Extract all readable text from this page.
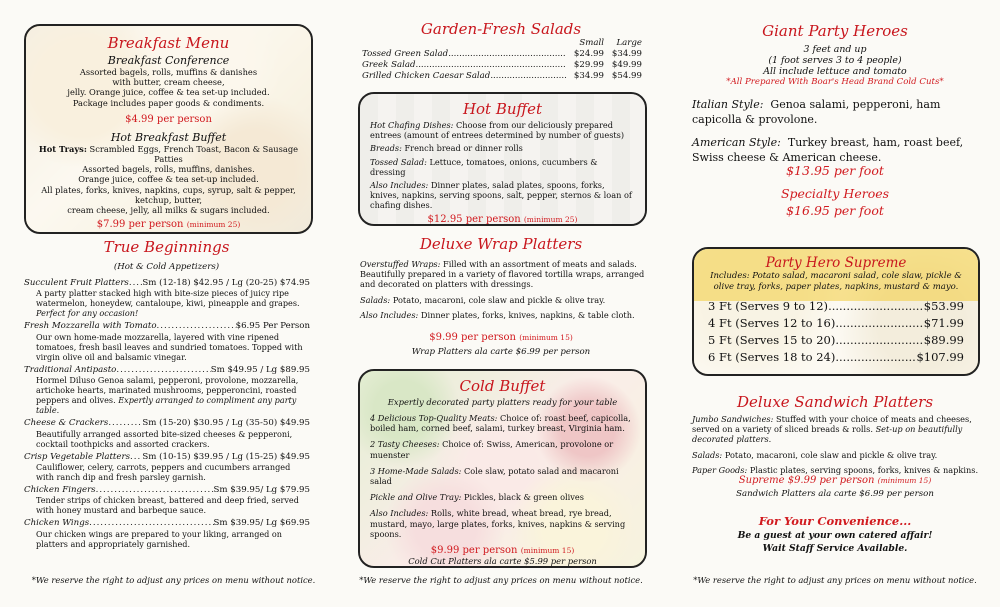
Breakfast Menu
Breakfast Conference
Assorted bagels, rolls, muffins & danishes
with butter, cream cheese,
jelly. Orange juice, coffee & tea set-up included.
Package includes paper goods & condiments.
$4.99 per person
Hot Breakfast Buffet
Hot Trays: Scrambled Eggs, French Toast, Bacon & Sausage Patties
Assorted bagels, rolls, muffins, danishes.
Orange juice, coffee & tea set-up included.
All plates, forks, knives, napkins, cups, syrup, salt & pepper, ketchup, butter,
cream cheese, jelly, all milks & sugars included.
$7.99 per person (minimum 25)
True Beginnings
(Hot & Cold Appetizers)
Succulent Fruit Platters ..... Sm (12-18) $42.95 / Lg (20-25) $74.95
A party platter stacked high with bite-size pieces of juicy ripe watermelon, honeydew, cantaloupe, kiwi, pineapple and grapes. Perfect for any occasion!
Fresh Mozzarella with Tomato .....	$6.95 Per Person
Our own home-made mozzarella, layered with vine ripened tomatoes, fresh basil leaves and sundried tomatoes. Topped with virgin olive oil and balsamic vinegar.
Traditional Antipasto .....	Sm $49.95 / Lg $89.95
Hormel Diluso Genoa salami, pepperoni, provolone, mozzarella, artichoke hearts, marinated mushrooms, pepperoncini, roasted peppers and olives. Expertly arranged to compliment any party table.
Cheese & Crackers .....	Sm (15-20) $30.95 / Lg (35-50) $49.95
Beautifully arranged assorted bite-sized cheeses & pepperoni, cocktail toothpicks and assorted crackers.
Crisp Vegetable Platters ..... Sm (10-15) $39.95 / Lg (15-25) $49.95
Cauliflower, celery, carrots, peppers and cucumbers arranged with ranch dip and fresh parsley garnish.
Chicken Fingers .....	Sm $39.95/ Lg $79.95
Tender strips of chicken breast, battered and deep fried, served with honey mustard and barbeque sauce.
Chicken Wings .....	Sm $39.95/ Lg $69.95
Our chicken wings are prepared to your liking, arranged on platters and appropriately garnished.
*We reserve the right to adjust any prices on menu without notice.
Garden-Fresh Salads
Small	Large
Tossed Green Salad .....	$24.99 $34.99
Greek Salad .....	$29.99 $49.99
Grilled Chicken Caesar Salad .....	$34.99 $54.99
Hot Buffet
Hot Chafing Dishes: Choose from our deliciously prepared entrees (amount of entrees determined by number of guests)
Breads: French bread or dinner rolls
Tossed Salad: Lettuce, tomatoes, onions, cucumbers & dressing
Also Includes: Dinner plates, salad plates, spoons, forks, knives, napkins, serving spoons, salt, pepper, sternos & loan of chafing dishes.
$12.95 per person (minimum 25)
Deluxe Wrap Platters
Overstuffed Wraps: Filled with an assortment of meats and salads. Beautifully prepared in a variety of flavored tortilla wraps, arranged and decorated on platters with dressings.
Salads: Potato, macaroni, cole slaw and pickle & olive tray.
Also Includes: Dinner plates, forks, knives, napkins, & table cloth.
$9.99 per person (minimum 15)
Wrap Platters ala carte $6.99 per person
Cold Buffet
Expertly decorated party platters ready for your table
4 Delicious Top-Quality Meats: Choice of: roast beef, capicolla, boiled ham, corned beef, salami, turkey breast, Virginia ham.
2 Tasty Cheeses: Choice of: Swiss, American, provolone or muenster
3 Home-Made Salads: Cole slaw, potato salad and macaroni salad
Pickle and Olive Tray: Pickles, black & green olives
Also Includes: Rolls, white bread, wheat bread, rye bread, mustard, mayo, large plates, forks, knives, napkins & serving spoons.
$9.99 per person (minimum 15)
Cold Cut Platters ala carte $5.99 per person
*We reserve the right to adjust any prices on menu without notice.
Giant Party Heroes
3 feet and up
(1 foot serves 3 to 4 people)
All include lettuce and tomato
*All Prepared With Boar's Head Brand Cold Cuts*
Italian Style: Genoa salami, pepperoni, ham capicolla & provolone.
American Style: Turkey breast, ham, roast beef, Swiss cheese & American cheese.
$13.95 per foot
Specialty Heroes
$16.95 per foot
Party Hero Supreme
Includes: Potato salad, macaroni salad, cole slaw, pickle & olive tray, forks, paper plates, napkins, mustard & mayo.
3 Ft (Serves 9 to 12) .....	$53.99
4 Ft (Serves 12 to 16) .....	$71.99
5 Ft (Serves 15 to 20) .....	$89.99
6 Ft (Serves 18 to 24) .....	$107.99
Deluxe Sandwich Platters
Jumbo Sandwiches: Stuffed with your choice of meats and cheeses, served on a variety of sliced breads & rolls. Set-up on beautifully decorated platters.
Salads: Potato, macaroni, cole slaw and pickle & olive tray.
Paper Goods: Plastic plates, serving spoons, forks, knives & napkins.
Supreme $9.99 per person (minimum 15)
Sandwich Platters ala carte $6.99 per person
For Your Convenience...
Be a guest at your own catered affair!
Wait Staff Service Available.
*We reserve the right to adjust any prices on menu without notice.
